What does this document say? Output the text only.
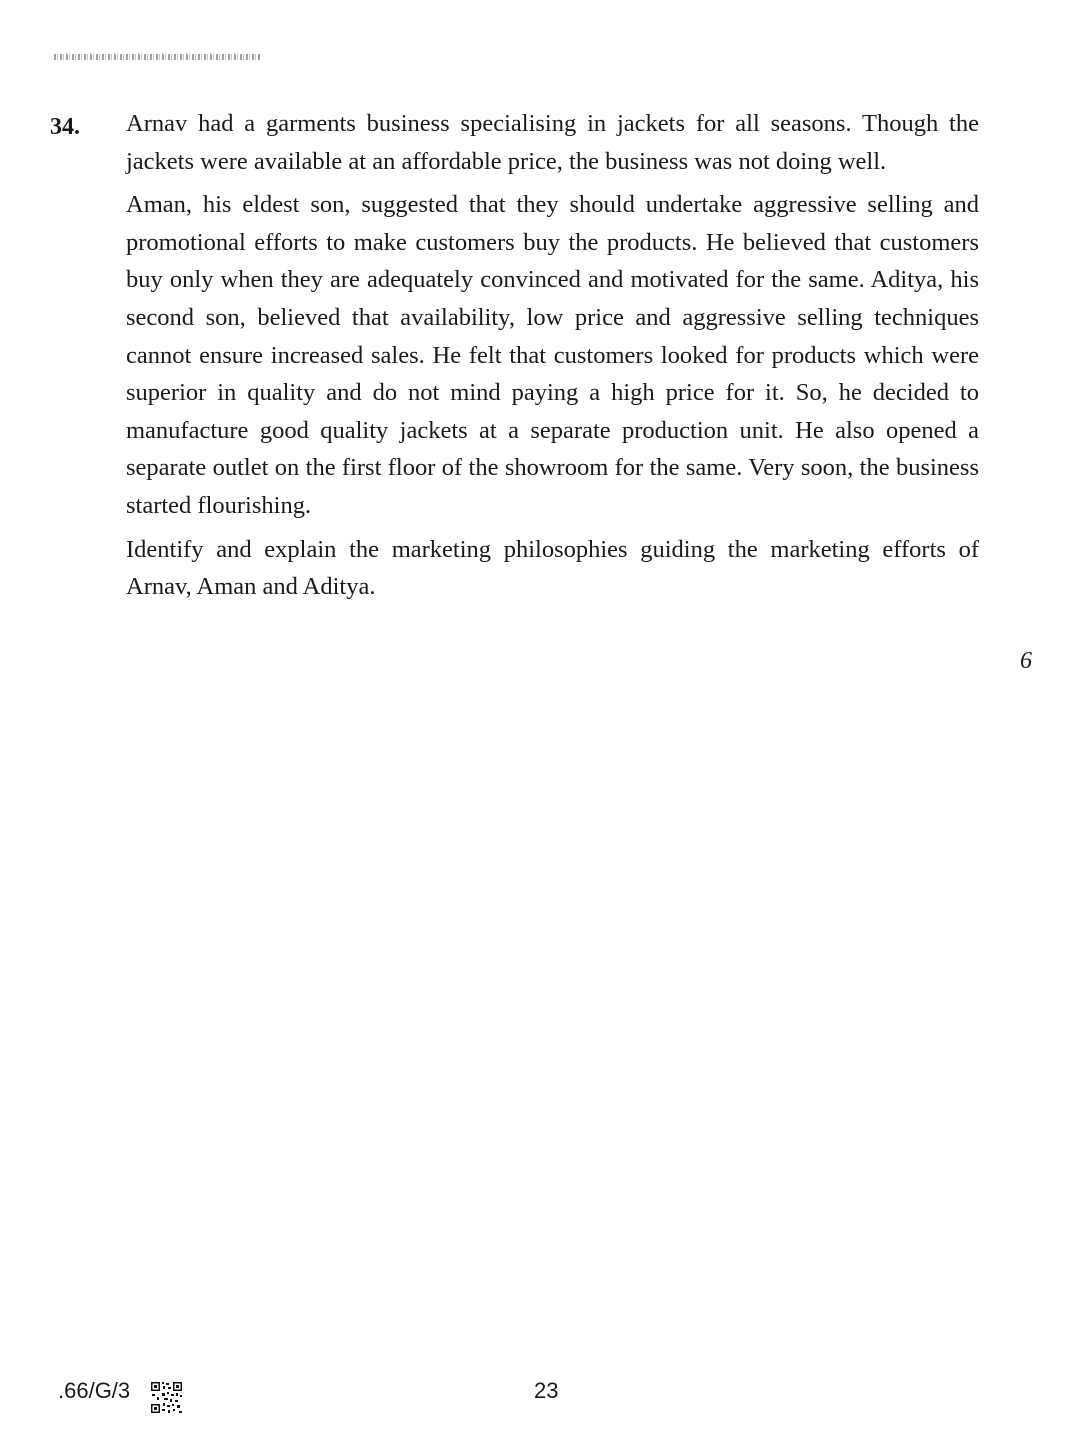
34. Arnav had a garments business specialising in jackets for all seasons. Though the jackets were available at an affordable price, the business was not doing well.

Aman, his eldest son, suggested that they should undertake aggressive selling and promotional efforts to make customers buy the products. He believed that customers buy only when they are adequately convinced and motivated for the same. Aditya, his second son, believed that availability, low price and aggressive selling techniques cannot ensure increased sales. He felt that customers looked for products which were superior in quality and do not mind paying a high price for it. So, he decided to manufacture good quality jackets at a separate production unit. He also opened a separate outlet on the first floor of the showroom for the same. Very soon, the business started flourishing.

Identify and explain the marketing philosophies guiding the marketing efforts of Arnav, Aman and Aditya.

6
.66/G/3	23
